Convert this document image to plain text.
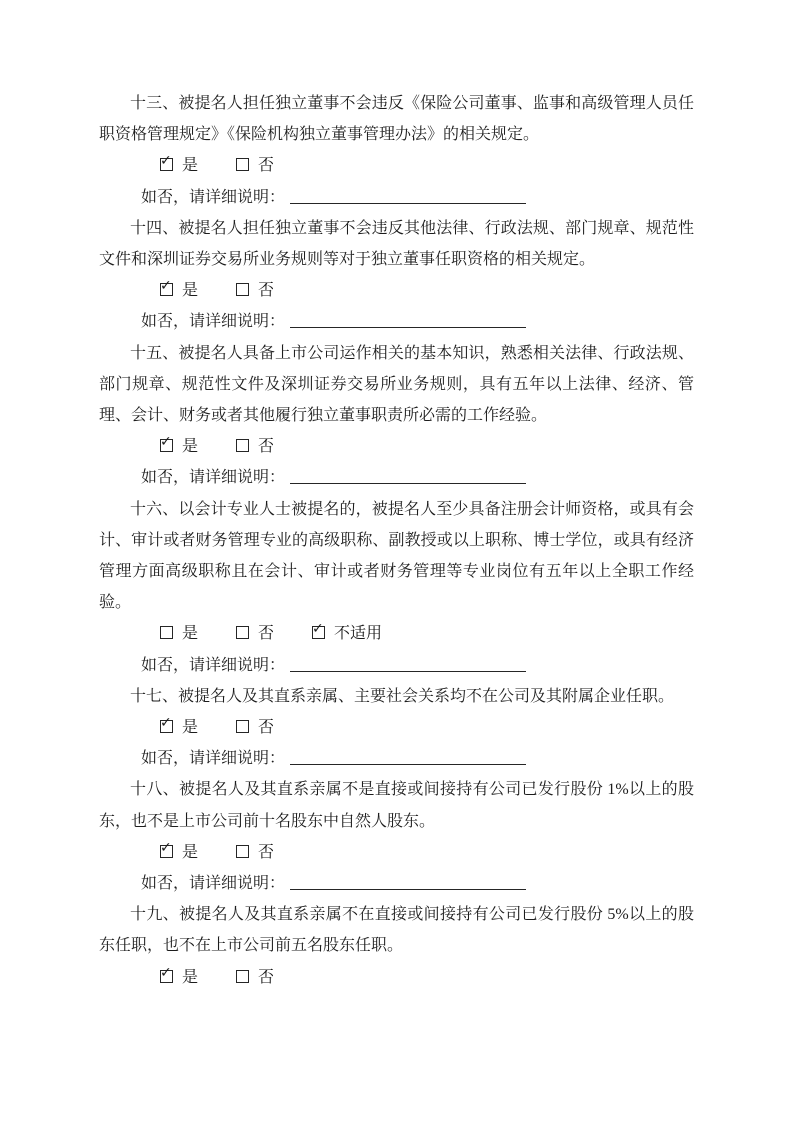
十三、被提名人担任独立董事不会违反《保险公司董事、监事和高级管理人员任职资格管理规定》《保险机构独立董事管理办法》的相关规定。

✓是	否

如否，请详细说明：

十四、被提名人担任独立董事不会违反其他法律、行政法规、部门规章、规范性文件和深圳证券交易所业务规则等对于独立董事任职资格的相关规定。

✓是	否

如否，请详细说明：

十五、被提名人具备上市公司运作相关的基本知识，熟悉相关法律、行政法规、部门规章、规范性文件及深圳证券交易所业务规则，具有五年以上法律、经济、管理、会计、财务或者其他履行独立董事职责所必需的工作经验。

✓是	否

如否，请详细说明：

十六、以会计专业人士被提名的，被提名人至少具备注册会计师资格，或具有会计、审计或者财务管理专业的高级职称、副教授或以上职称、博士学位，或具有经济管理方面高级职称且在会计、审计或者财务管理等专业岗位有五年以上全职工作经验。

是	否 ✓	不适用

如否，请详细说明：

十七、被提名人及其直系亲属、主要社会关系均不在公司及其附属企业任职。

✓是	否

如否，请详细说明：

十八、被提名人及其直系亲属不是直接或间接持有公司已发行股份 1%以上的股东，也不是上市公司前十名股东中自然人股东。

✓是	否

如否，请详细说明：

十九、被提名人及其直系亲属不在直接或间接持有公司已发行股份 5%以上的股东任职，也不在上市公司前五名股东任职。

✓是	否
